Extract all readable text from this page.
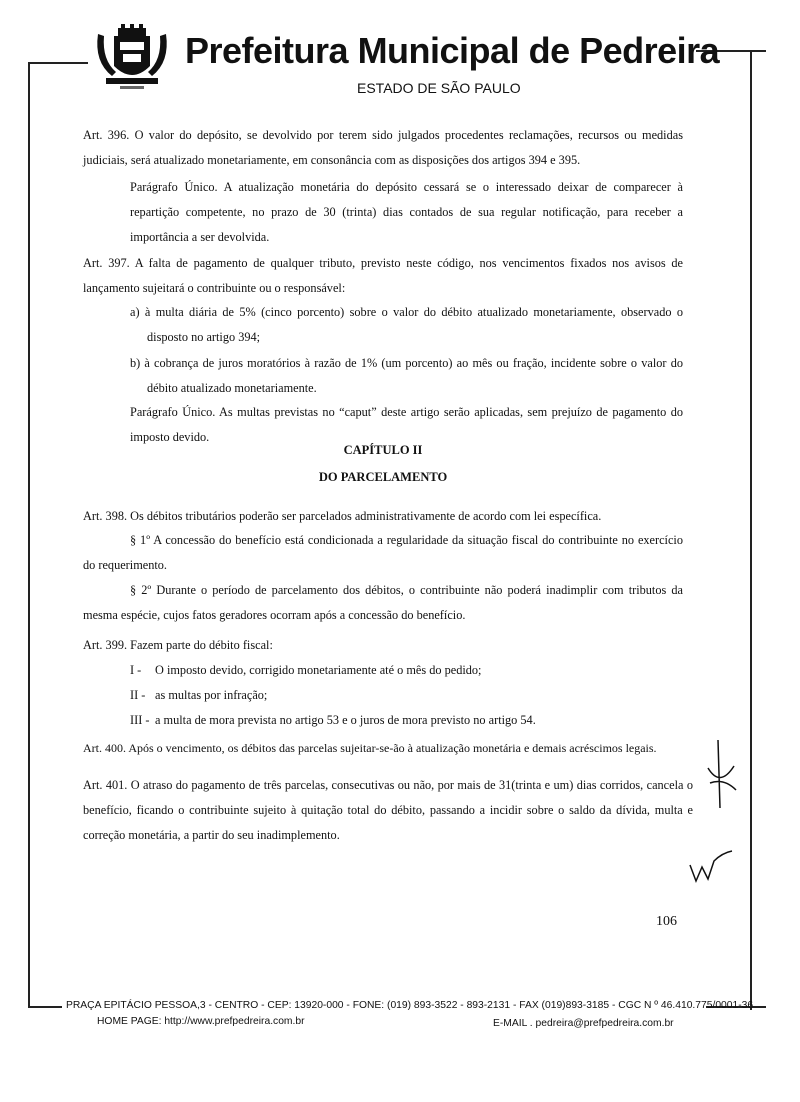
Prefeitura Municipal de Pedreira
ESTADO DE SÃO PAULO
Art. 396. O valor do depósito, se devolvido por terem sido julgados procedentes reclamações, recursos ou medidas judiciais, será atualizado monetariamente, em consonância com as disposições dos artigos 394 e 395.
Parágrafo Único. A atualização monetária do depósito cessará se o interessado deixar de comparecer à repartição competente, no prazo de 30 (trinta) dias contados de sua regular notificação, para receber a importância a ser devolvida.
Art. 397. A falta de pagamento de qualquer tributo, previsto neste código, nos vencimentos fixados nos avisos de lançamento sujeitará o contribuinte ou o responsável:
a) à multa diária de 5% (cinco porcento) sobre o valor do débito atualizado monetariamente, observado o disposto no artigo 394;
b) à cobrança de juros moratórios à razão de 1% (um porcento) ao mês ou fração, incidente sobre o valor do débito atualizado monetariamente.
Parágrafo Único. As multas previstas no “caput” deste artigo serão aplicadas, sem prejuízo de pagamento do imposto devido.
CAPÍTULO II
DO PARCELAMENTO
Art. 398. Os débitos tributários poderão ser parcelados administrativamente de acordo com lei específica.
§ 1º A concessão do benefício está condicionada a regularidade da situação fiscal do contribuinte no exercício do requerimento.
§ 2º Durante o período de parcelamento dos débitos, o contribuinte não poderá inadimplir com tributos da mesma espécie, cujos fatos geradores ocorram após a concessão do benefício.
Art. 399. Fazem parte do débito fiscal:
I - O imposto devido, corrigido monetariamente até o mês do pedido;
II - as multas por infração;
III - a multa de mora prevista no artigo 53 e o juros de mora previsto no artigo 54.
Art. 400. Após o vencimento, os débitos das parcelas sujeitar-se-ão à atualização monetária e demais acréscimos legais.
Art. 401. O atraso do pagamento de três parcelas, consecutivas ou não, por mais de 31(trinta e um) dias corridos, cancela o benefício, ficando o contribuinte sujeito à quitação total do débito, passando a incidir sobre o saldo da dívida, multa e correção monetária, a partir do seu inadimplemento.
106
PRAÇA EPITÁCIO PESSOA,3 - CENTRO - CEP: 13920-000 - FONE: (019) 893-3522 - 893-2131 - FAX (019)893-3185 - CGC N º 46.410.775/0001-36
HOME PAGE: http://www.prefpedreira.com.br	E-MAIL . pedreira@prefpedreira.com.br
